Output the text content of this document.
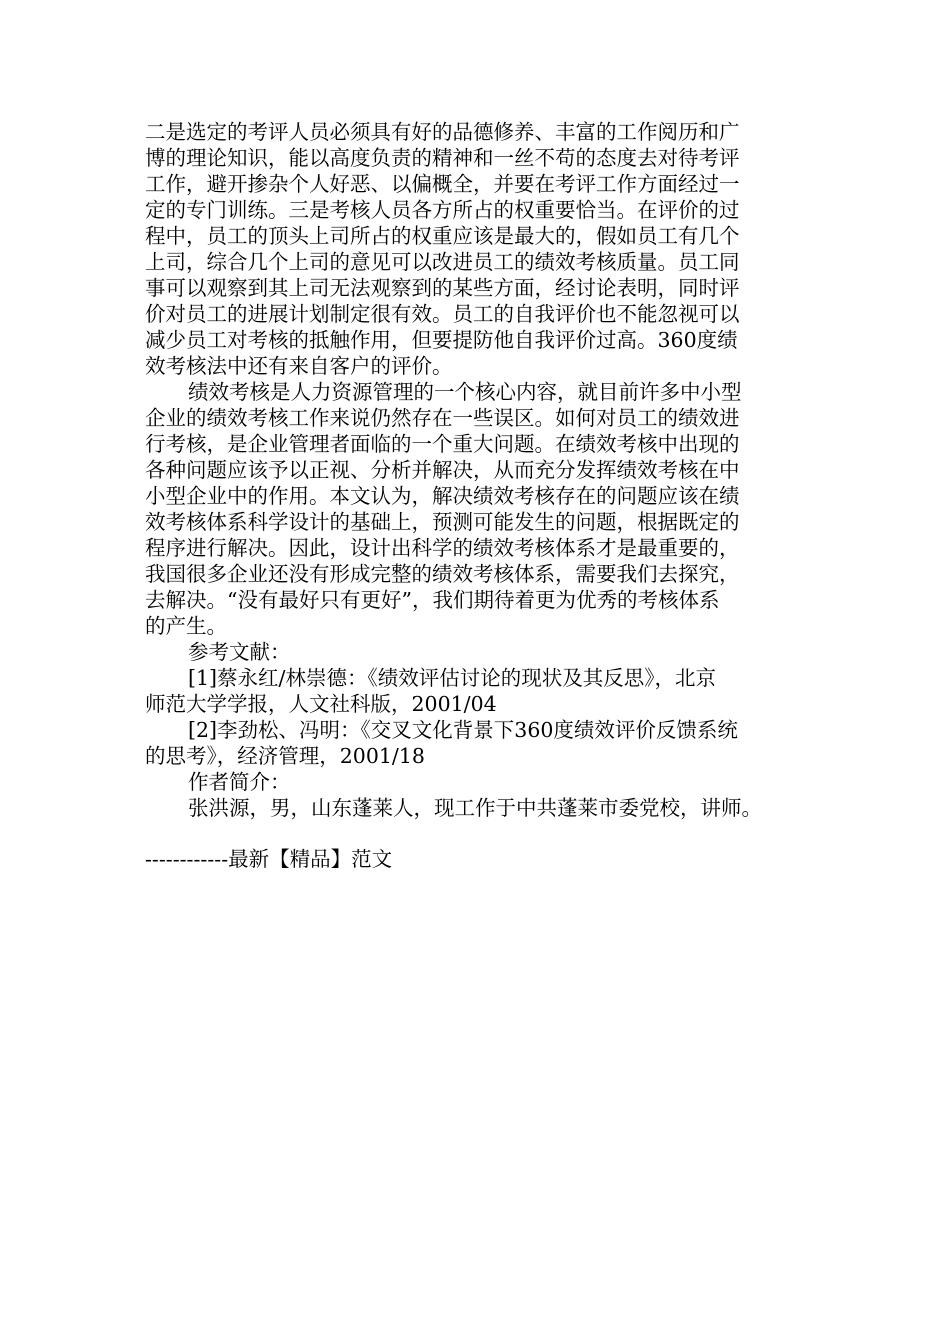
二是选定的考评人员必须具有好的品德修养、丰富的工作阅历和广
博的理论知识，能以高度负责的精神和一丝不苟的态度去对待考评
工作，避开掺杂个人好恶、以偏概全，并要在考评工作方面经过一
定的专门训练。三是考核人员各方所占的权重要恰当。在评价的过
程中，员工的顶头上司所占的权重应该是最大的，假如员工有几个
上司，综合几个上司的意见可以改进员工的绩效考核质量。员工同
事可以观察到其上司无法观察到的某些方面，经讨论表明，同时评
价对员工的进展计划制定很有效。员工的自我评价也不能忽视可以
减少员工对考核的抵触作用，但要提防他自我评价过高。360度绩
效考核法中还有来自客户的评价。
绩效考核是人力资源管理的一个核心内容，就目前许多中小型
企业的绩效考核工作来说仍然存在一些误区。如何对员工的绩效进
行考核，是企业管理者面临的一个重大问题。在绩效考核中出现的
各种问题应该予以正视、分析并解决，从而充分发挥绩效考核在中
小型企业中的作用。本文认为，解决绩效考核存在的问题应该在绩
效考核体系科学设计的基础上，预测可能发生的问题，根据既定的
程序进行解决。因此，设计出科学的绩效考核体系才是最重要的，
我国很多企业还没有形成完整的绩效考核体系，需要我们去探究，
去解决。“没有最好只有更好”，我们期待着更为优秀的考核体系
的产生。
参考文献：
[1]蔡永红/林崇德：《绩效评估讨论的现状及其反思》，北京
师范大学学报，人文社科版，2001/04
[2]李劲松、冯明：《交叉文化背景下360度绩效评价反馈系统
的思考》，经济管理，2001/18
作者简介：
张洪源，男，山东蓬莱人，现工作于中共蓬莱市委党校，讲师。
------------最新【精品】范文
